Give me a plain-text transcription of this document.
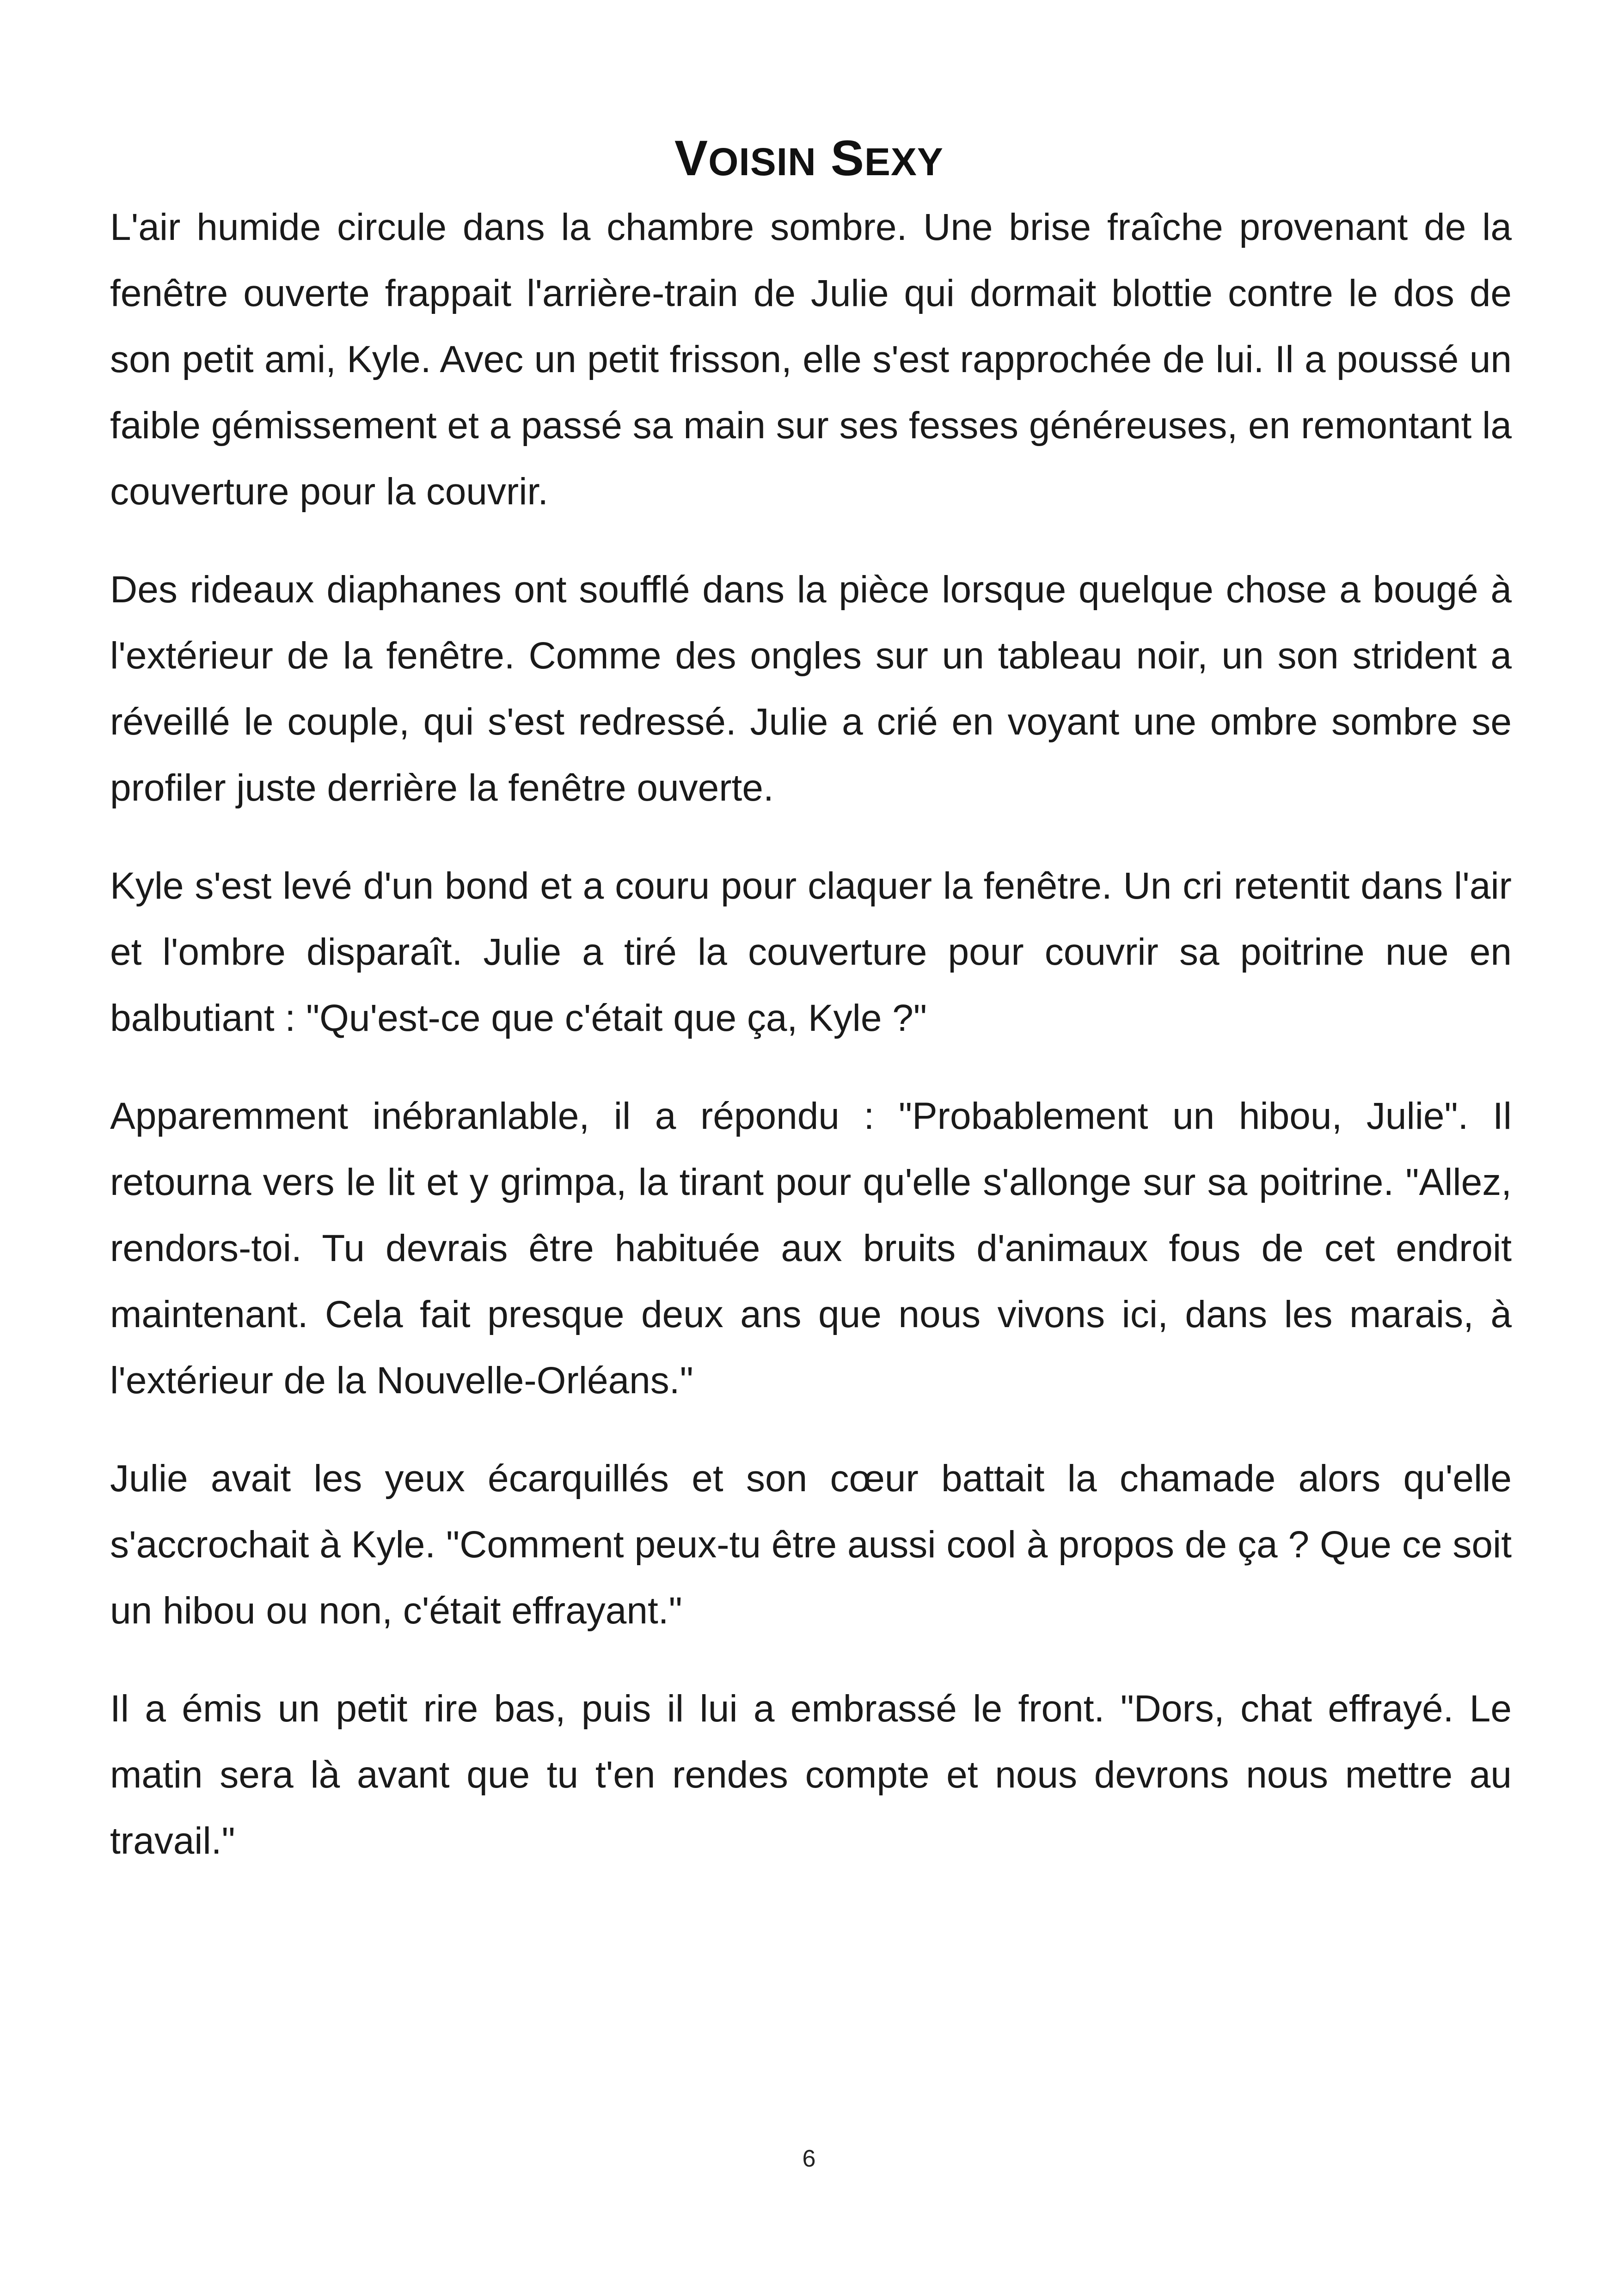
VOISIN SEXY

L'air humide circule dans la chambre sombre. Une brise fraîche provenant de la fenêtre ouverte frappait l'arrière-train de Julie qui dormait blottie contre le dos de son petit ami, Kyle. Avec un petit frisson, elle s'est rapprochée de lui. Il a poussé un faible gémissement et a passé sa main sur ses fesses généreuses, en remontant la couverture pour la couvrir.

Des rideaux diaphanes ont soufflé dans la pièce lorsque quelque chose a bougé à l'extérieur de la fenêtre. Comme des ongles sur un tableau noir, un son strident a réveillé le couple, qui s'est redressé. Julie a crié en voyant une ombre sombre se profiler juste derrière la fenêtre ouverte.

Kyle s'est levé d'un bond et a couru pour claquer la fenêtre. Un cri retentit dans l'air et l'ombre disparaît. Julie a tiré la couverture pour couvrir sa poitrine nue en balbutiant : "Qu'est-ce que c'était que ça, Kyle ?"

Apparemment inébranlable, il a répondu : "Probablement un hibou, Julie". Il retourna vers le lit et y grimpa, la tirant pour qu'elle s'allonge sur sa poitrine. "Allez, rendors-toi. Tu devrais être habituée aux bruits d'animaux fous de cet endroit maintenant. Cela fait presque deux ans que nous vivons ici, dans les marais, à l'extérieur de la Nouvelle-Orléans."

Julie avait les yeux écarquillés et son cœur battait la chamade alors qu'elle s'accrochait à Kyle. "Comment peux-tu être aussi cool à propos de ça ? Que ce soit un hibou ou non, c'était effrayant."

Il a émis un petit rire bas, puis il lui a embrassé le front. "Dors, chat effrayé. Le matin sera là avant que tu t'en rendes compte et nous devrons nous mettre au travail."

6
